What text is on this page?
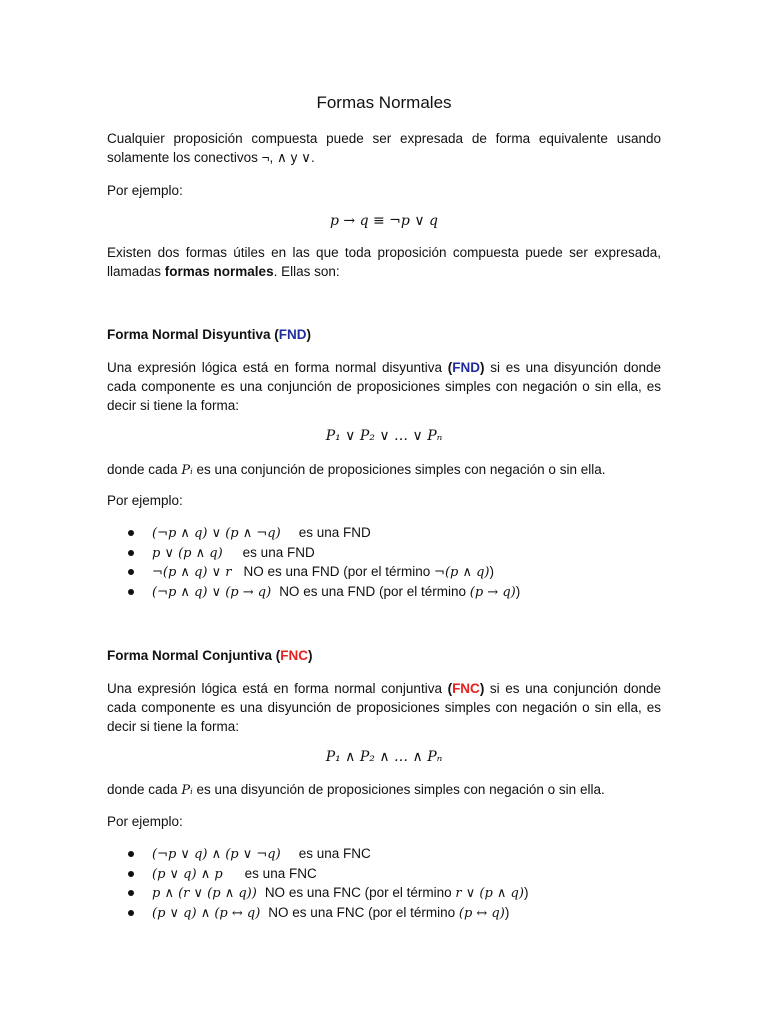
Formas Normales

Cualquier proposición compuesta puede ser expresada de forma equivalente usando solamente los conectivos ¬, ∧ y ∨.

Por ejemplo:

p → q ≡ ¬p ∨ q

Existen dos formas útiles en las que toda proposición compuesta puede ser expresada, llamadas formas normales. Ellas son:

Forma Normal Disyuntiva (FND)

Una expresión lógica está en forma normal disyuntiva (FND) si es una disyunción donde cada componente es una conjunción de proposiciones simples con negación o sin ella, es decir si tiene la forma:

P₁ ∨ P₂ ∨ … ∨ Pₙ

donde cada Pᵢ es una conjunción de proposiciones simples con negación o sin ella.

Por ejemplo:

(¬p ∧ q) ∨ (p ∧ ¬q) es una FND
p ∨ (p ∧ q) es una FND
¬(p ∧ q) ∨ r NO es una FND (por el término ¬(p ∧ q))
(¬p ∧ q) ∨ (p → q) NO es una FND (por el término (p → q))

Forma Normal Conjuntiva (FNC)

Una expresión lógica está en forma normal conjuntiva (FNC) si es una conjunción donde cada componente es una disyunción de proposiciones simples con negación o sin ella, es decir si tiene la forma:

P₁ ∧ P₂ ∧ … ∧ Pₙ

donde cada Pᵢ es una disyunción de proposiciones simples con negación o sin ella.

Por ejemplo:

(¬p ∨ q) ∧ (p ∨ ¬q) es una FNC
(p ∨ q) ∧ p es una FNC
p ∧ (r ∨ (p ∧ q)) NO es una FNC (por el término r ∨ (p ∧ q))
(p ∨ q) ∧ (p ↔ q) NO es una FNC (por el término (p ↔ q))
